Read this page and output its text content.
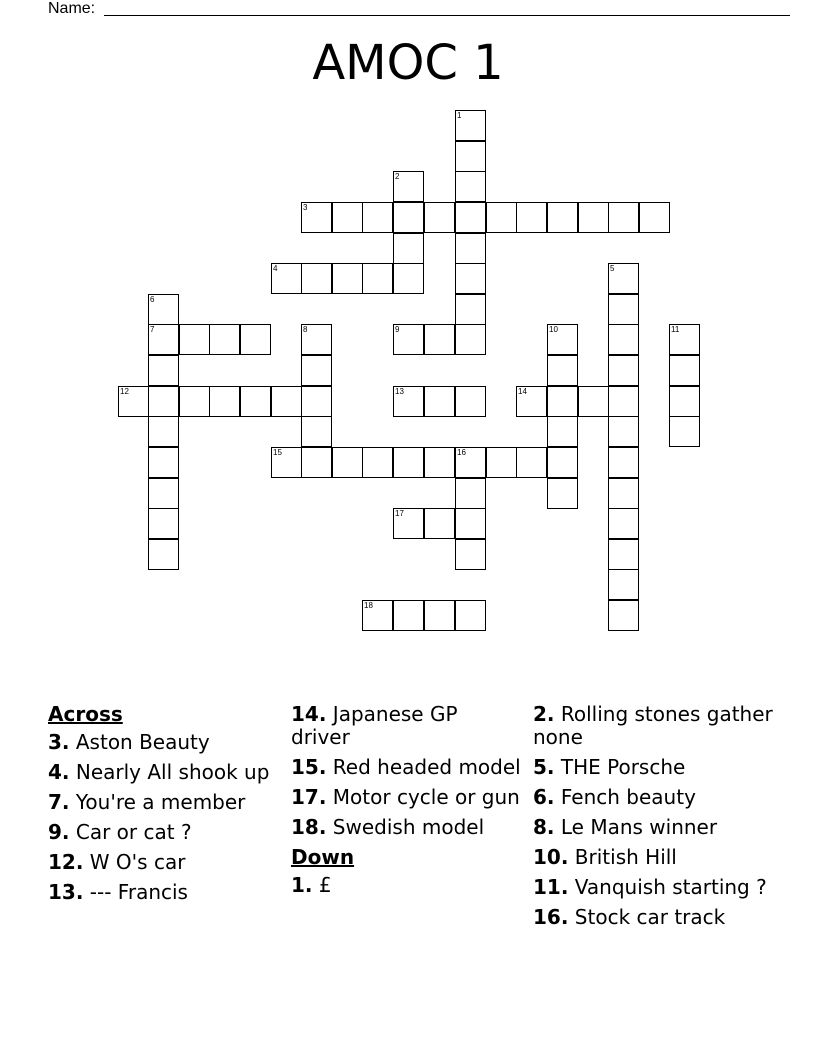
Name:
AMOC 1
1
2
3
4	5
6
7	8	9	10	11
12	13	14
15	16
17
18
Across
3. Aston Beauty
4. Nearly All shook up
7. You're a member
9. Car or cat ?
12. W O's car
13. --- Francis
14. Japanese GP driver
15. Red headed model
17. Motor cycle or gun
18. Swedish model
Down
1. £
2. Rolling stones gather none
5. THE Porsche
6. Fench beauty
8. Le Mans winner
10. British Hill
11. Vanquish starting ?
16. Stock car track
